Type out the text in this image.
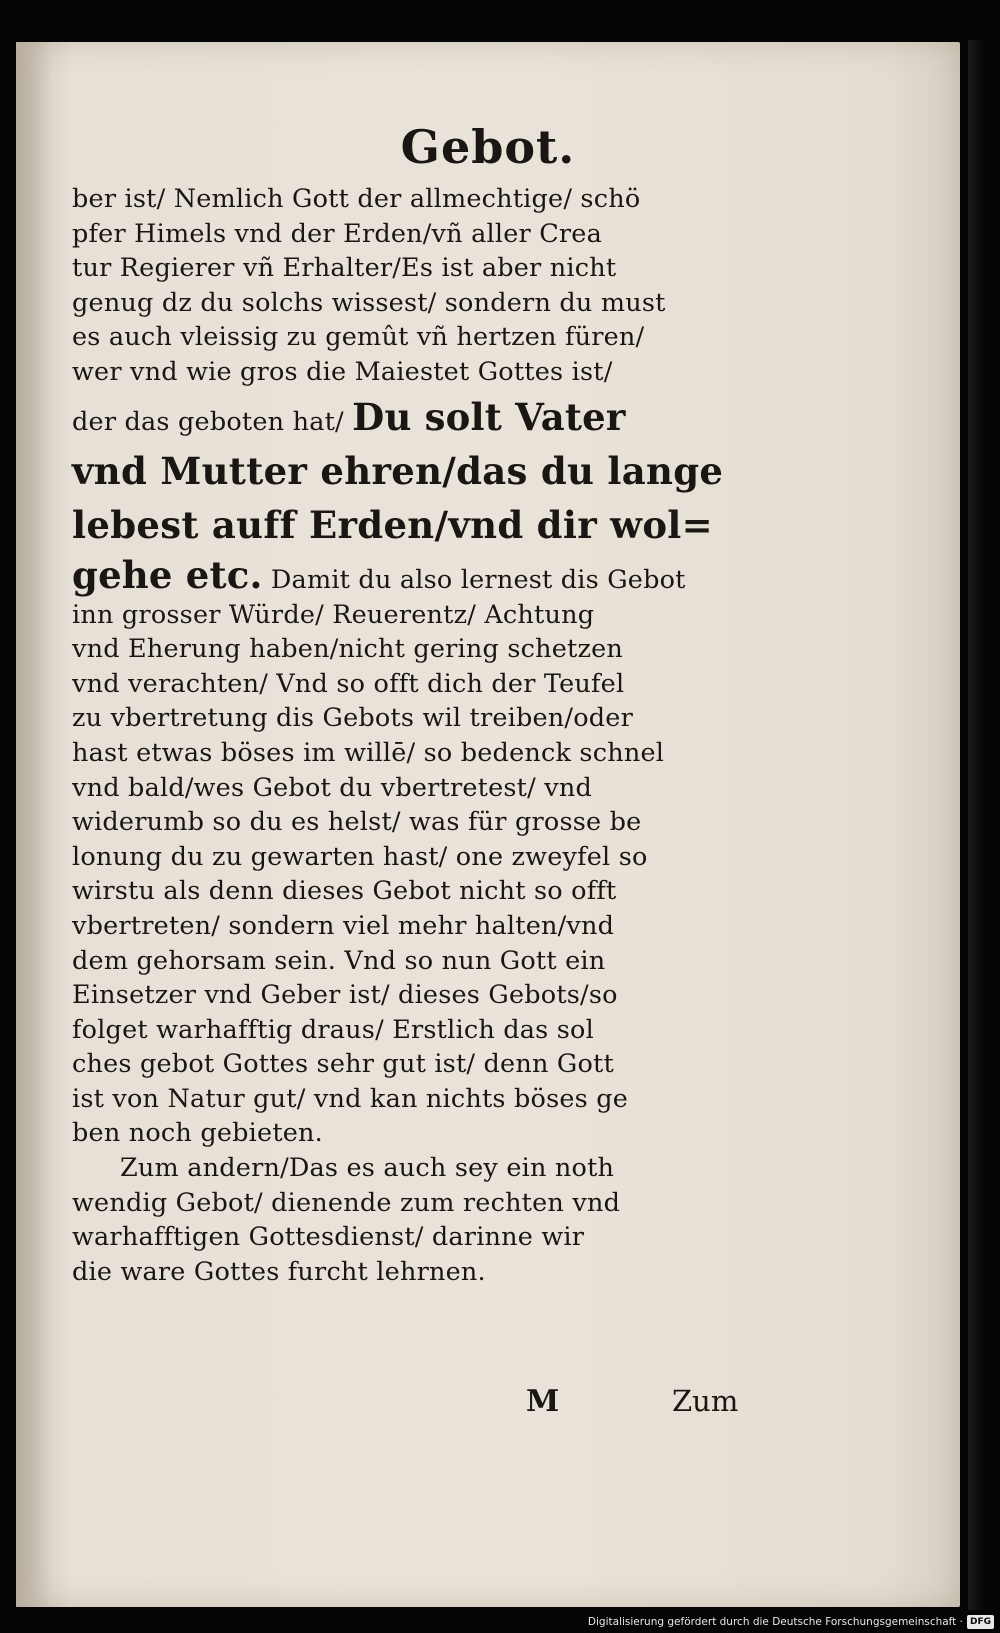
Gebot.
ber ist/ Nemlich Gott der allmechtige/ schö
pfer Himels vnd der Erden/vñ aller Crea
tur Regierer vñ Erhalter/Es ist aber nicht
genug dz du solchs wissest/ sondern du must
es auch vleissig zu gemût vñ hertzen füren/
wer vnd wie gros die Maiestet Gottes ist/
der das geboten hat/ Du solt Vater
vnd Mutter ehren/das du lange
lebest auff Erden/vnd dir wol=
gehe etc. Damit du also lernest dis Gebot
inn grosser Würde/ Reuerentz/ Achtung
vnd Eherung haben/nicht gering schetzen
vnd verachten/ Vnd so offt dich der Teufel
zu vbertretung dis Gebots wil treiben/oder
hast etwas böses im willē/ so bedenck schnel
vnd bald/wes Gebot du vbertretest/ vnd
widerumb so du es helst/ was für grosse be
lonung du zu gewarten hast/ one zweyfel so
wirstu als denn dieses Gebot nicht so offt
vbertreten/ sondern viel mehr halten/vnd
dem gehorsam sein. Vnd so nun Gott ein
Einsetzer vnd Geber ist/ dieses Gebots/so
folget warhafftig draus/ Erstlich das sol
ches gebot Gottes sehr gut ist/ denn Gott
ist von Natur gut/ vnd kan nichts böses ge
ben noch gebieten.
Zum andern/Das es auch sey ein noth
wendig Gebot/ dienende zum rechten vnd
warhafftigen Gottesdienst/ darinne wir
die ware Gottes furcht lehrnen.
M	Zum
Digitalisierung gefördert durch die Deutsche Forschungsgemeinschaft · DFG
